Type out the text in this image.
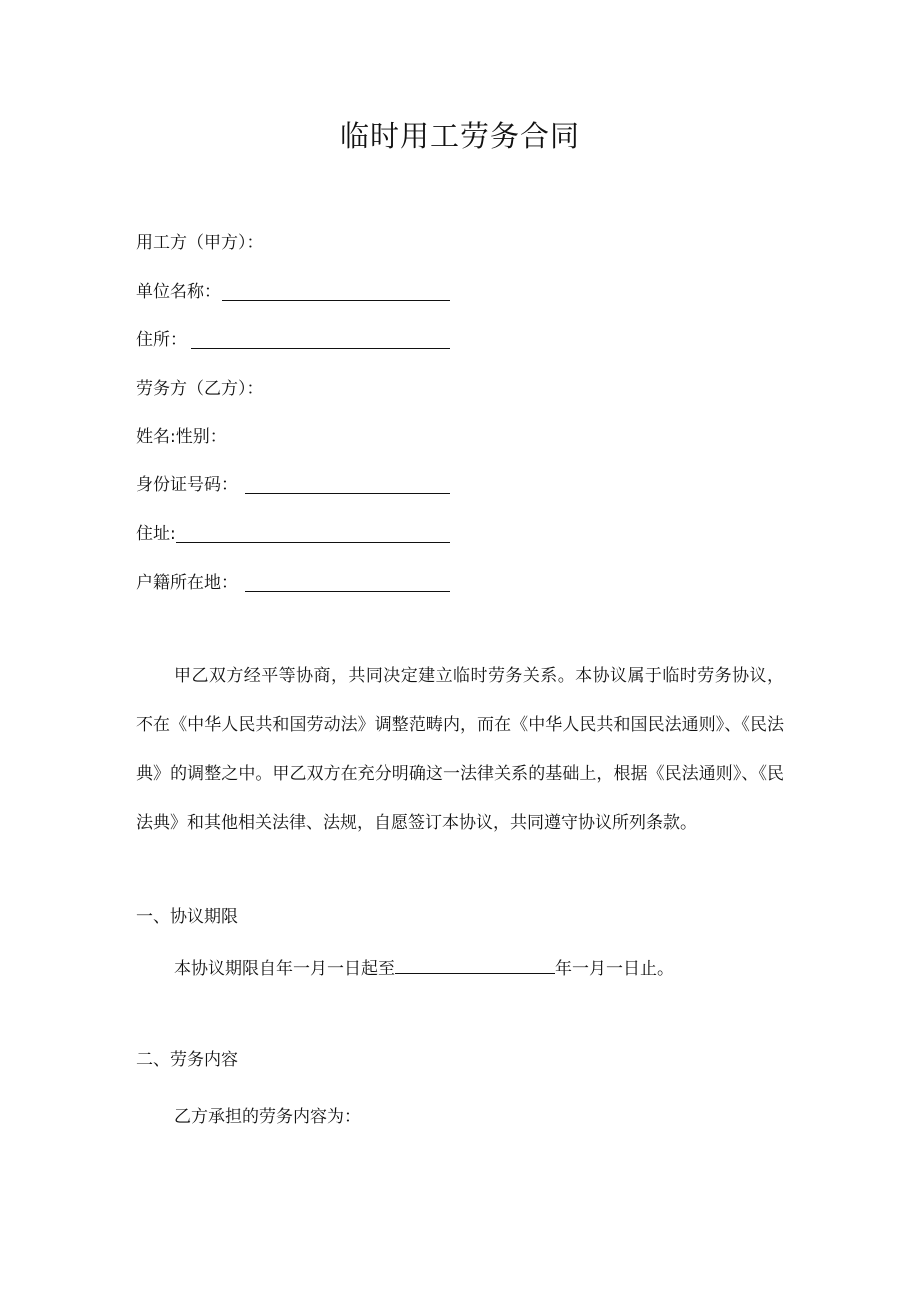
临时用工劳务合同
用工方（甲方）：
单位名称：
住所：
劳务方（乙方）：
姓名:性别：
身份证号码：
住址:
户籍所在地：
甲乙双方经平等协商，共同决定建立临时劳务关系。本协议属于临时劳务协议，不在《中华人民共和国劳动法》调整范畴内，而在《中华人民共和国民法通则》、《民法典》的调整之中。甲乙双方在充分明确这一法律关系的基础上，根据《民法通则》、《民法典》和其他相关法律、法规，自愿签订本协议，共同遵守协议所列条款。
一、协议期限
本协议期限自年一月一日起至	年一月一日止。
二、劳务内容
乙方承担的劳务内容为：
